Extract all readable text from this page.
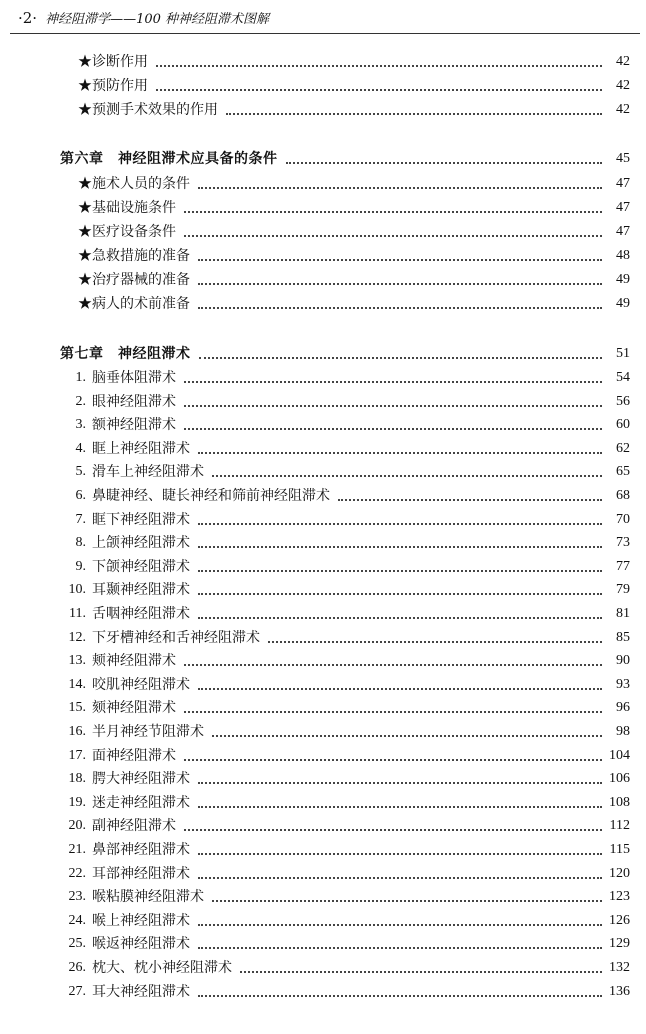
·2· 神经阻滞学——100 种神经阻滞术图解
★诊断作用	42
★预防作用	42
★预测手术效果的作用	42
第六章　神经阻滞术应具备的条件	45
★施术人员的条件	47
★基础设施条件	47
★医疗设备条件	47
★急救措施的准备	48
★治疗器械的准备	49
★病人的术前准备	49
第七章　神经阻滞术	51
1. 脑垂体阻滞术	54
2. 眼神经阻滞术	56
3. 额神经阻滞术	60
4. 眶上神经阻滞术	62
5. 滑车上神经阻滞术	65
6. 鼻睫神经、睫长神经和筛前神经阻滞术	68
7. 眶下神经阻滞术	70
8. 上颌神经阻滞术	73
9. 下颌神经阻滞术	77
10. 耳颞神经阻滞术	79
11. 舌咽神经阻滞术	81
12. 下牙槽神经和舌神经阻滞术	85
13. 颊神经阻滞术	90
14. 咬肌神经阻滞术	93
15. 颏神经阻滞术	96
16. 半月神经节阻滞术	98
17. 面神经阻滞术	104
18. 腭大神经阻滞术	106
19. 迷走神经阻滞术	108
20. 副神经阻滞术	112
21. 鼻部神经阻滞术	115
22. 耳部神经阻滞术	120
23. 喉粘膜神经阻滞术	123
24. 喉上神经阻滞术	126
25. 喉返神经阻滞术	129
26. 枕大、枕小神经阻滞术	132
27. 耳大神经阻滞术	136
